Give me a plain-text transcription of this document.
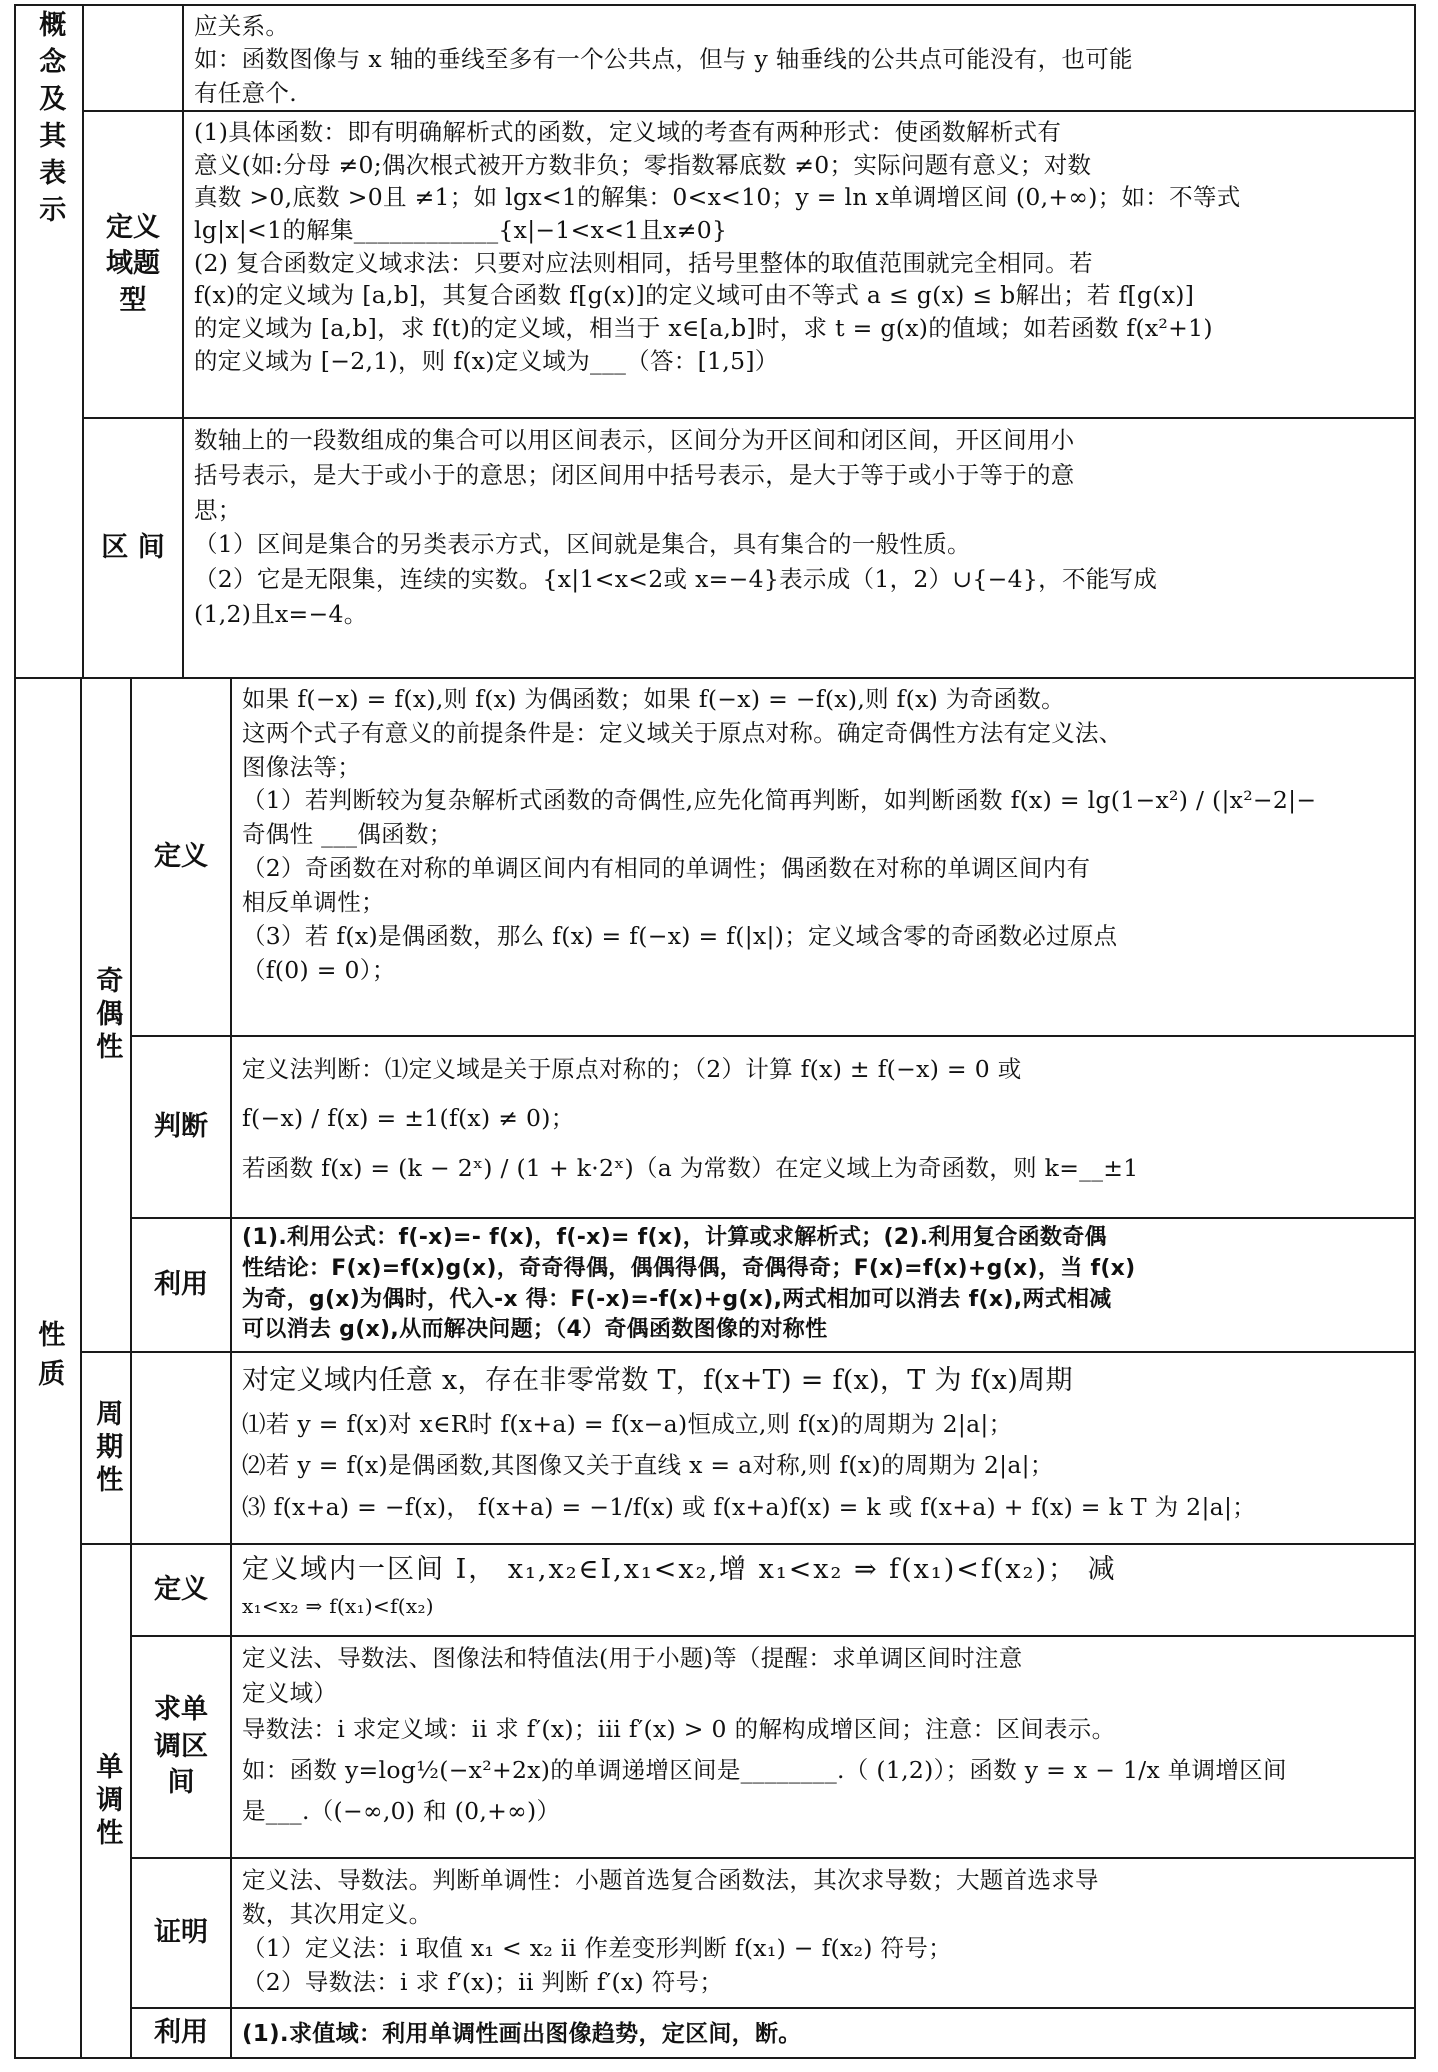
概念及其表示	应关系。

如：函数图像与 x 轴的垂线至多有一个公共点，但与 y 轴垂线的公共点可能没有，也可能

有任意个.

定义域题型

(1)具体函数：即有明确解析式的函数，定义域的考查有两种形式：使函数解析式有

意义(如:分母 ≠0;偶次根式被开方数非负；零指数幂底数 ≠0；实际问题有意义；对数

真数 >0,底数 >0且 ≠1；如 lgx<1的解集：0<x<10；y = ln x单调增区间 (0,+∞)；如：不等式

lg|x|<1的解集____________{x|−1<x<1且x≠0}

(2) 复合函数定义域求法：只要对应法则相同，括号里整体的取值范围就完全相同。若

f(x)的定义域为 [a,b]，其复合函数 f[g(x)]的定义域可由不等式 a ≤ g(x) ≤ b解出；若 f[g(x)]

的定义域为 [a,b]，求 f(t)的定义域，相当于 x∈[a,b]时，求 t = g(x)的值域；如若函数 f(x²+1)

的定义域为 [−2,1)，则 f(x)定义域为___（答：[1,5]）

区 间

数轴上的一段数组成的集合可以用区间表示，区间分为开区间和闭区间，开区间用小

括号表示，是大于或小于的意思；闭区间用中括号表示，是大于等于或小于等于的意

思；

（1）区间是集合的另类表示方式，区间就是集合，具有集合的一般性质。

（2）它是无限集，连续的实数。{x|1<x<2或 x=−4}表示成（1，2）∪{−4}，不能写成

(1,2)且x=−4。

性质
奇偶性
定义

如果 f(−x) = f(x),则 f(x) 为偶函数；如果 f(−x) = −f(x),则 f(x) 为奇函数。

这两个式子有意义的前提条件是：定义域关于原点对称。确定奇偶性方法有定义法、

图像法等；

（1）若判断较为复杂解析式函数的奇偶性,应先化简再判断，如判断函数 f(x) = lg(1−x²) / (|x²−2|−

奇偶性 ___偶函数；

（2）奇函数在对称的单调区间内有相同的单调性；偶函数在对称的单调区间内有

相反单调性；

（3）若 f(x)是偶函数，那么 f(x) = f(−x) = f(|x|)；定义域含零的奇函数必过原点

（f(0) = 0）；

判断

定义法判断：⑴定义域是关于原点对称的；（2）计算 f(x) ± f(−x) = 0 或

f(−x) / f(x) = ±1(f(x) ≠ 0)；

若函数 f(x) = (k − 2ˣ) / (1 + k·2ˣ)（a 为常数）在定义域上为奇函数，则 k=__±1

利用

(1).利用公式：f(-x)=- f(x)，f(-x)= f(x)，计算或求解析式；(2).利用复合函数奇偶

性结论：F(x)=f(x)g(x)，奇奇得偶，偶偶得偶，奇偶得奇；F(x)=f(x)+g(x)，当 f(x)

为奇，g(x)为偶时，代入-x 得：F(-x)=-f(x)+g(x),两式相加可以消去 f(x),两式相减

可以消去 g(x),从而解决问题；（4）奇偶函数图像的对称性

周期性

对定义域内任意 x，存在非零常数 T，f(x+T) = f(x)，T 为 f(x)周期

⑴若 y = f(x)对 x∈R时 f(x+a) = f(x−a)恒成立,则 f(x)的周期为 2|a|；

⑵若 y = f(x)是偶函数,其图像又关于直线 x = a对称,则 f(x)的周期为 2|a|；

⑶ f(x+a) = −f(x)， f(x+a) = −1/f(x) 或 f(x+a)f(x) = k 或 f(x+a) + f(x) = k T 为 2|a|；

单调性
定义

定义域内一区间 I， x₁,x₂∈I,x₁<x₂,增 x₁<x₂ ⇒ f(x₁)<f(x₂)； 减

x₁<x₂ ⇒ f(x₁)<f(x₂)

求单调区间

定义法、导数法、图像法和特值法(用于小题)等（提醒：求单调区间时注意

定义域）

导数法：i 求定义域：ii 求 f′(x)；iii f′(x) > 0 的解构成增区间；注意：区间表示。

如：函数 y=log½(−x²+2x)的单调递增区间是________.（ (1,2)）；函数 y = x − 1/x 单调增区间

是___.（(−∞,0) 和 (0,+∞)）

证明

定义法、导数法。判断单调性：小题首选复合函数法，其次求导数；大题首选求导

数，其次用定义。

（1）定义法：i 取值 x₁ < x₂ ii 作差变形判断 f(x₁) − f(x₂) 符号；

（2）导数法：i 求 f′(x)；ii 判断 f′(x) 符号；

利用	(1).求值域：利用单调性画出图像趋势，定区间，断。
